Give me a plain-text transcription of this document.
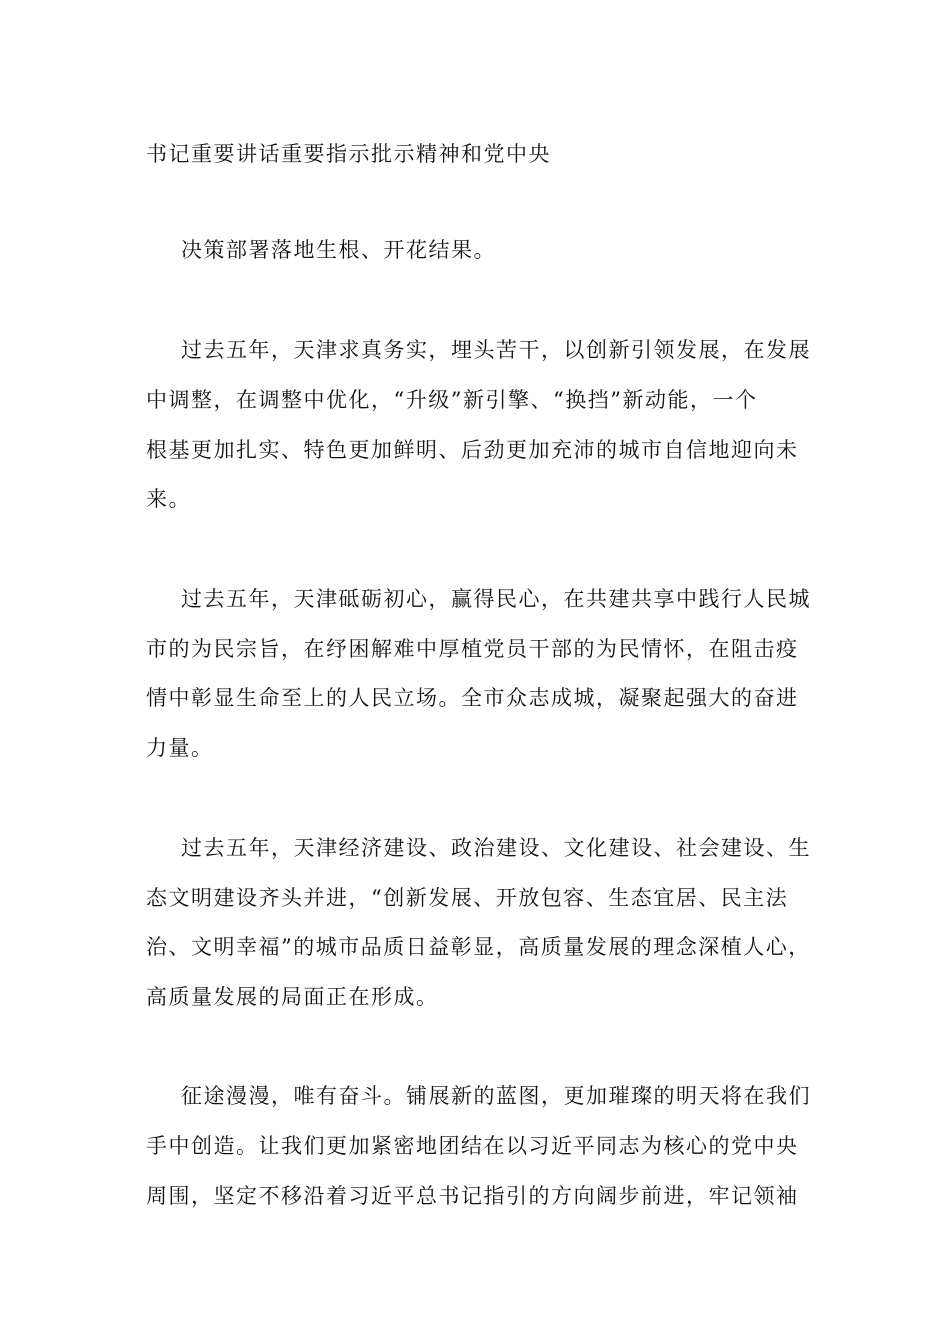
书记重要讲话重要指示批示精神和党中央

决策部署落地生根、开花结果。

过去五年，天津求真务实，埋头苦干，以创新引领发展，在发展

中调整，在调整中优化，“升级”新引擎、“换挡”新动能，一个

根基更加扎实、特色更加鲜明、后劲更加充沛的城市自信地迎向未

来。

过去五年，天津砥砺初心，赢得民心，在共建共享中践行人民城

市的为民宗旨，在纾困解难中厚植党员干部的为民情怀，在阻击疫

情中彰显生命至上的人民立场。全市众志成城，凝聚起强大的奋进

力量。

过去五年，天津经济建设、政治建设、文化建设、社会建设、生

态文明建设齐头并进，“创新发展、开放包容、生态宜居、民主法

治、文明幸福”的城市品质日益彰显，高质量发展的理念深植人心，

高质量发展的局面正在形成。

征途漫漫，唯有奋斗。铺展新的蓝图，更加璀璨的明天将在我们

手中创造。让我们更加紧密地团结在以习近平同志为核心的党中央

周围，坚定不移沿着习近平总书记指引的方向阔步前进，牢记领袖
